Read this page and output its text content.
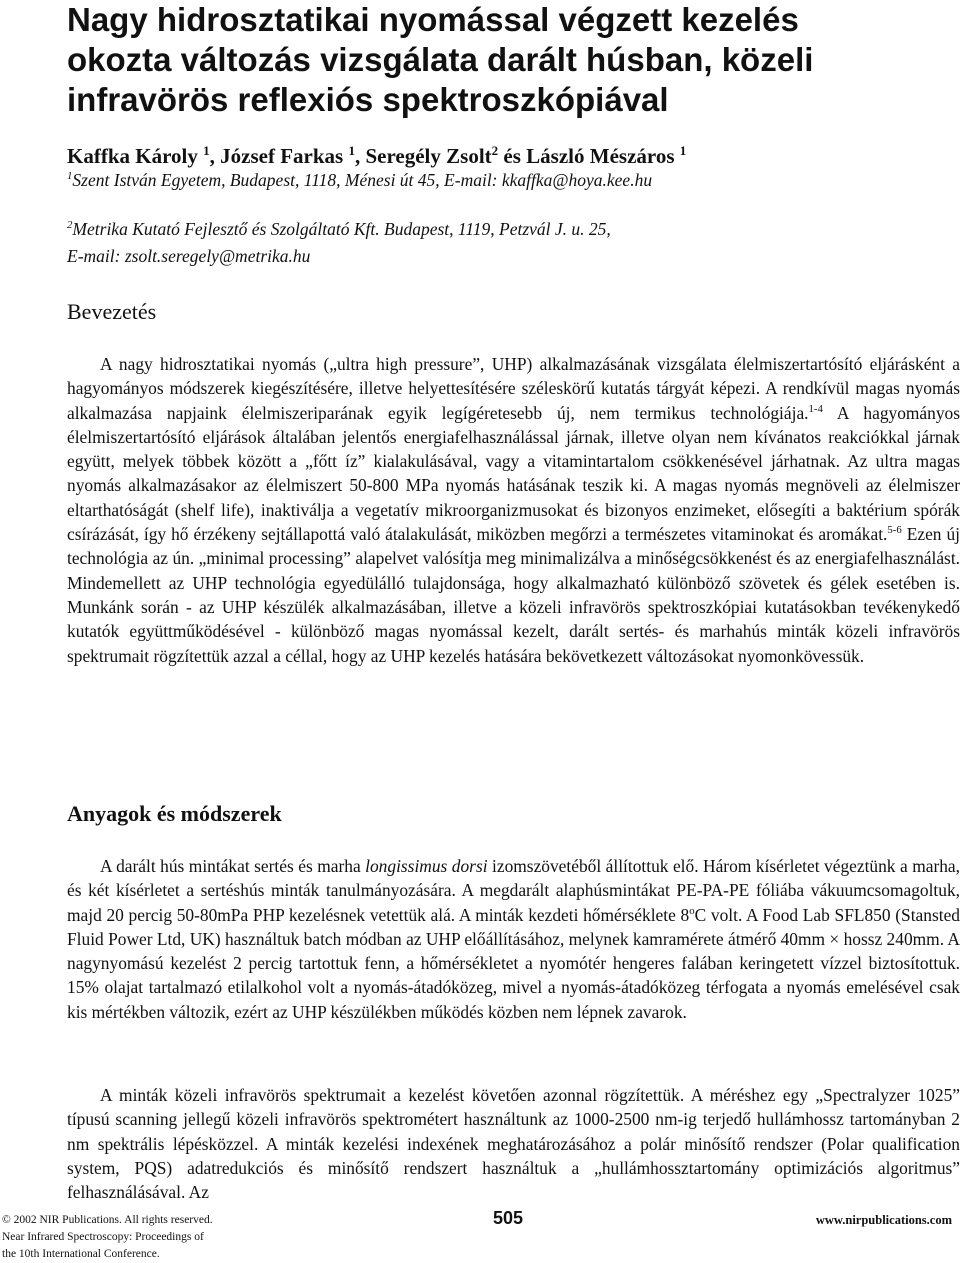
Nagy hidrosztatikai nyomással végzett kezelés
okozta változás vizsgálata darált húsban, közeli
infravörös reflexiós spektroszkópiával
Kaffka Károly $^1$, József Farkas $^1$, Seregély Zsolt$^2$ és László Mészáros $^1$
$^1$Szent István Egyetem, Budapest, 1118, Ménesi út 45, E-mail: kkaffka@hoya.kee.hu
$^2$Metrika Kutató Fejlesztő és Szolgáltató Kft. Budapest, 1119, Petzvál J. u. 25,
E-mail: zsolt.seregely@metrika.hu
Bevezetés

A nagy hidrosztatikai nyomás („ultra high pressure”, UHP) alkalmazásának vizsgálata élelmiszertartósító eljárásként a hagyományos módszerek kiegészítésére, illetve helyettesítésére széleskörű kutatás tárgyát képezi. A rendkívül magas nyomás alkalmazása napjaink élelmiszeriparának egyik legígéretesebb új, nem termikus technológiája.$^{1-4}$ A hagyományos élelmiszertartósító eljárások általában jelentős energiafelhasználással járnak, illetve olyan nem kívánatos reakciókkal járnak együtt, melyek többek között a „főtt íz” kialakulásával, vagy a vitamintartalom csökkenésével járhatnak. Az ultra magas nyomás alkalmazásakor az élelmiszert 50-800 MPa nyomás hatásának teszik ki. A magas nyomás megnöveli az élelmiszer eltarthatóságát (shelf life), inaktiválja a vegetatív mikroorganizmusokat és bizonyos enzimeket, elősegíti a baktérium spórák csírázását, így hő érzékeny sejtállapottá való átalakulását, miközben megőrzi a természetes vitaminokat és aromákat.$^{5-6}$ Ezen új technológia az ún. „minimal processing” alapelvet valósítja meg minimalizálva a minőségcsökkenést és az energiafelhasználást. Mindemellett az UHP technológia egyedülálló tulajdonsága, hogy alkalmazható különböző szövetek és gélek esetében is. Munkánk során - az UHP készülék alkalmazásában, illetve a közeli infravörös spektroszkópiai kutatásokban tevékenykedő kutatók együttműködésével - különböző magas nyomással kezelt, darált sertés- és marhahús minták közeli infravörös spektrumait rögzítettük azzal a céllal, hogy az UHP kezelés hatására bekövetkezett változásokat nyomonkövessük.

Anyagok és módszerek

A darált hús mintákat sertés és marha longissimus dorsi izomszövetéből állítottuk elő. Három kísérletet végeztünk a marha, és két kísérletet a sertéshús minták tanulmányozására. A megdarált alaphúsmintákat PE-PA-PE fóliába vákuumcsomagoltuk, majd 20 percig 50-80mPa PHP kezelésnek vetettük alá. A minták kezdeti hőmérséklete 8$^o$C volt. A Food Lab SFL850 (Stansted Fluid Power Ltd, UK) használtuk batch módban az UHP előállításához, melynek kamramérete átmérő 40mm × hossz 240mm. A nagynyomású kezelést 2 percig tartottuk fenn, a hőmérsékletet a nyomótér hengeres falában keringetett vízzel biztosítottuk. 15% olajat tartalmazó etilalkohol volt a nyomás-átadóközeg, mivel a nyomás-átadóközeg térfogata a nyomás emelésével csak kis mértékben változik, ezért az UHP készülékben működés közben nem lépnek zavarok.

A minták közeli infravörös spektrumait a kezelést követően azonnal rögzítettük. A méréshez egy „Spectralyzer 1025” típusú scanning jellegű közeli infravörös spektrométert használtunk az 1000-2500 nm-ig terjedő hullámhossz tartományban 2 nm spektrális lépésközzel. A minták kezelési indexének meghatározásához a polár minősítő rendszer (Polar qualification system, PQS) adatredukciós és minősítő rendszert használtuk a „hullámhossztartomány optimizációs algoritmus” felhasználásával. Az

© 2002 NIR Publications. All rights reserved.
Near Infrared Spectroscopy: Proceedings of
the 10th International Conference.
505	www.nirpublications.com
